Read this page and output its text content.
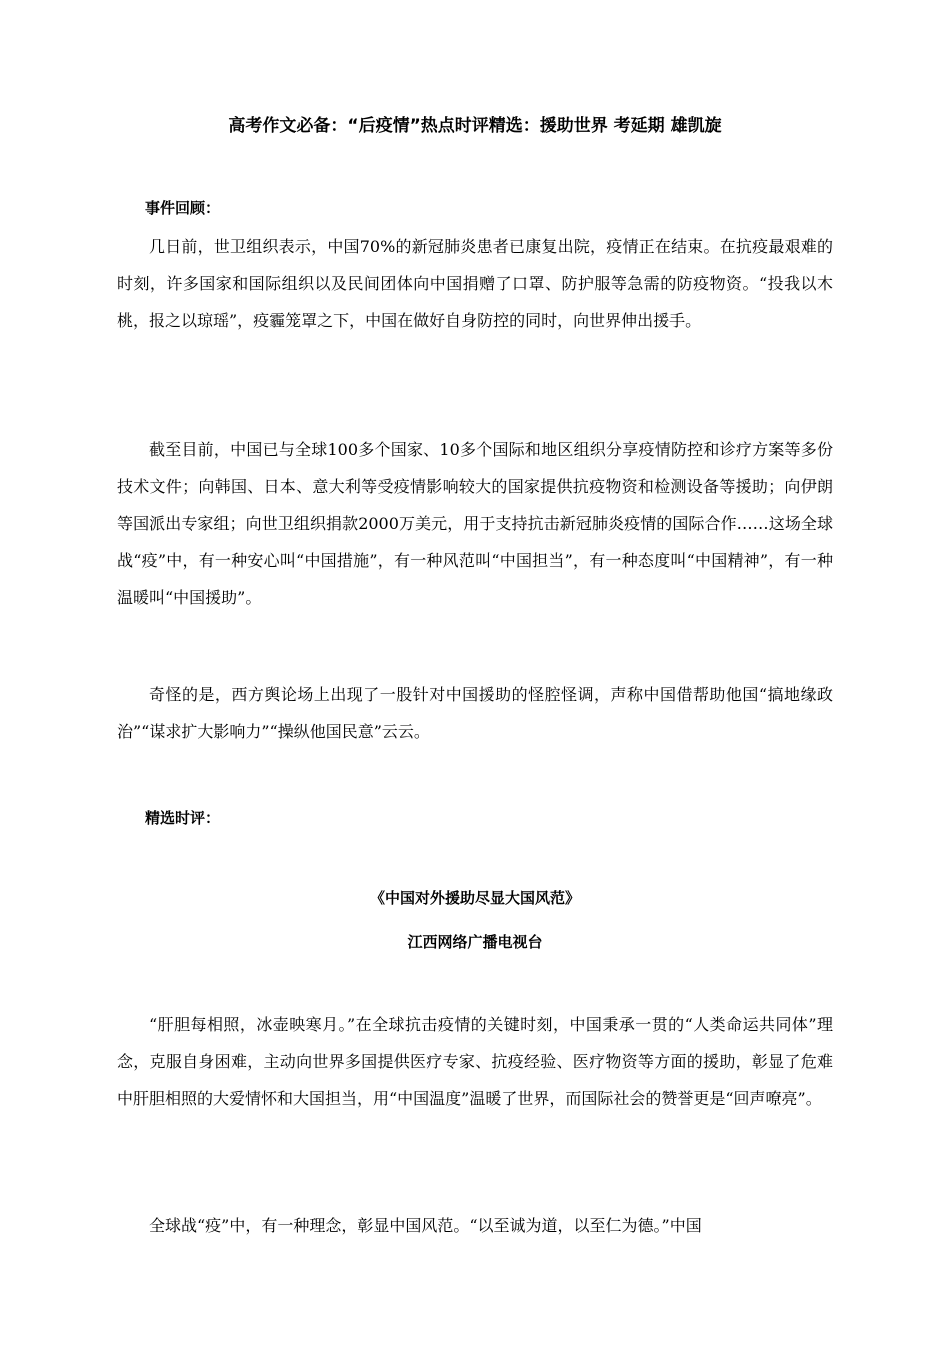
高考作文必备：“后疫情”热点时评精选：援助世界 考延期 雄凯旋
事件回顾：

几日前，世卫组织表示，中国70%的新冠肺炎患者已康复出院，疫情正在结束。在抗疫最艰难的时刻，许多国家和国际组织以及民间团体向中国捐赠了口罩、防护服等急需的防疫物资。“投我以木桃，报之以琼瑶”，疫霾笼罩之下，中国在做好自身防控的同时，向世界伸出援手。

截至目前，中国已与全球100多个国家、10多个国际和地区组织分享疫情防控和诊疗方案等多份技术文件；向韩国、日本、意大利等受疫情影响较大的国家提供抗疫物资和检测设备等援助；向伊朗等国派出专家组；向世卫组织捐款2000万美元，用于支持抗击新冠肺炎疫情的国际合作……这场全球战“疫”中，有一种安心叫“中国措施”，有一种风范叫“中国担当”，有一种态度叫“中国精神”，有一种温暖叫“中国援助”。

奇怪的是，西方舆论场上出现了一股针对中国援助的怪腔怪调，声称中国借帮助他国“搞地缘政治”“谋求扩大影响力”“操纵他国民意”云云。

精选时评：
《中国对外援助尽显大国风范》
江西网络广播电视台

“肝胆每相照，冰壶映寒月。”在全球抗击疫情的关键时刻，中国秉承一贯的“人类命运共同体”理念，克服自身困难，主动向世界多国提供医疗专家、抗疫经验、医疗物资等方面的援助，彰显了危难中肝胆相照的大爱情怀和大国担当，用“中国温度”温暖了世界，而国际社会的赞誉更是“回声嘹亮”。

全球战“疫”中，有一种理念，彰显中国风范。“以至诚为道，以至仁为德。”中国
